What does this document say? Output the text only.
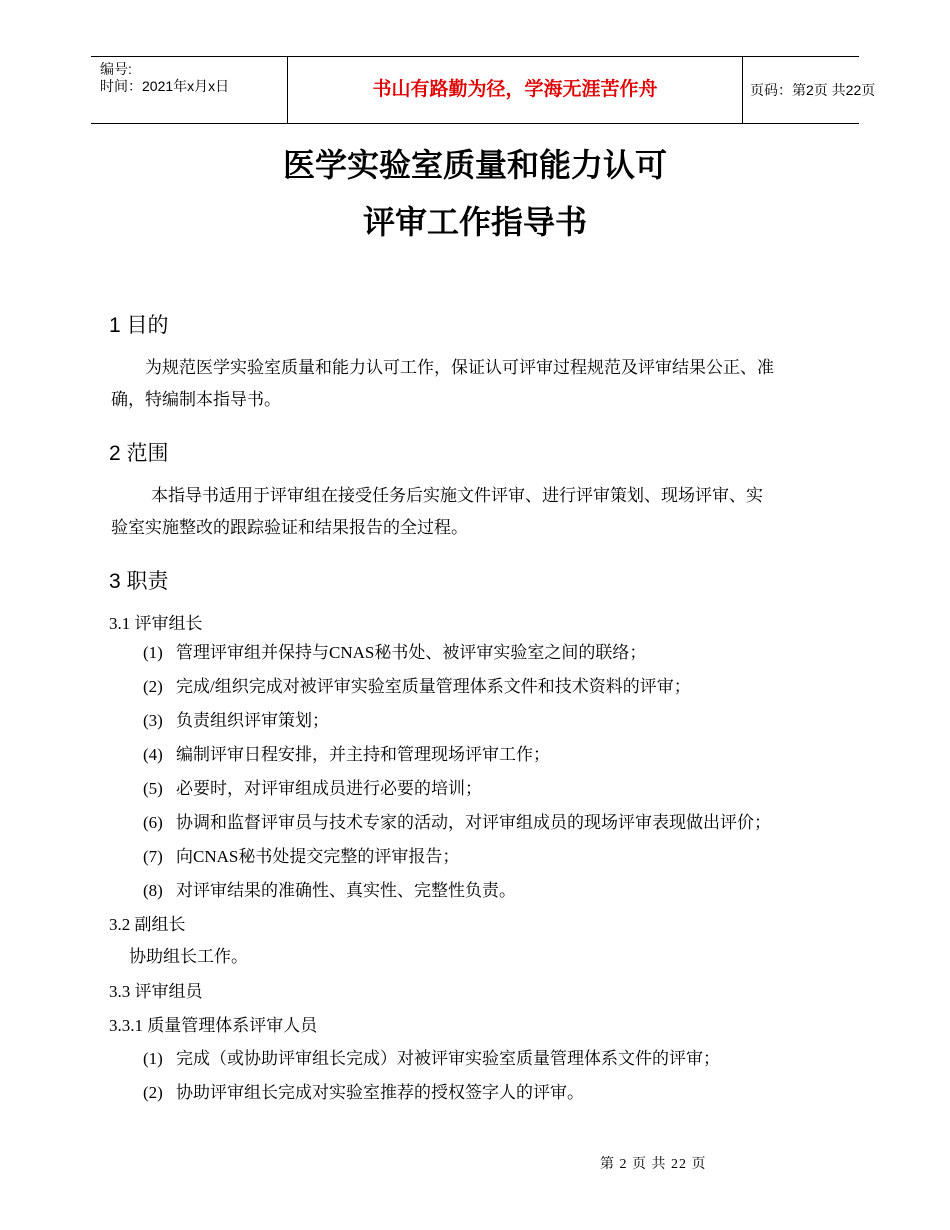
编号:
时间：2021年x月x日	书山有路勤为径，学海无涯苦作舟	页码：第2页 共22页
医学实验室质量和能力认可
评审工作指导书
1 目的
为规范医学实验室质量和能力认可工作，保证认可评审过程规范及评审结果公正、准
确，特编制本指导书。
2 范围
本指导书适用于评审组在接受任务后实施文件评审、进行评审策划、现场评审、实
验室实施整改的跟踪验证和结果报告的全过程。
3 职责
3.1 评审组长
(1) 管理评审组并保持与CNAS秘书处、被评审实验室之间的联络；
(2) 完成/组织完成对被评审实验室质量管理体系文件和技术资料的评审；
(3) 负责组织评审策划；
(4) 编制评审日程安排，并主持和管理现场评审工作；
(5) 必要时，对评审组成员进行必要的培训；
(6) 协调和监督评审员与技术专家的活动，对评审组成员的现场评审表现做出评价；
(7) 向CNAS秘书处提交完整的评审报告；
(8) 对评审结果的准确性、真实性、完整性负责。
3.2 副组长
协助组长工作。
3.3 评审组员
3.3.1 质量管理体系评审人员
(1) 完成（或协助评审组长完成）对被评审实验室质量管理体系文件的评审；
(2) 协助评审组长完成对实验室推荐的授权签字人的评审。
第 2 页 共 22 页
